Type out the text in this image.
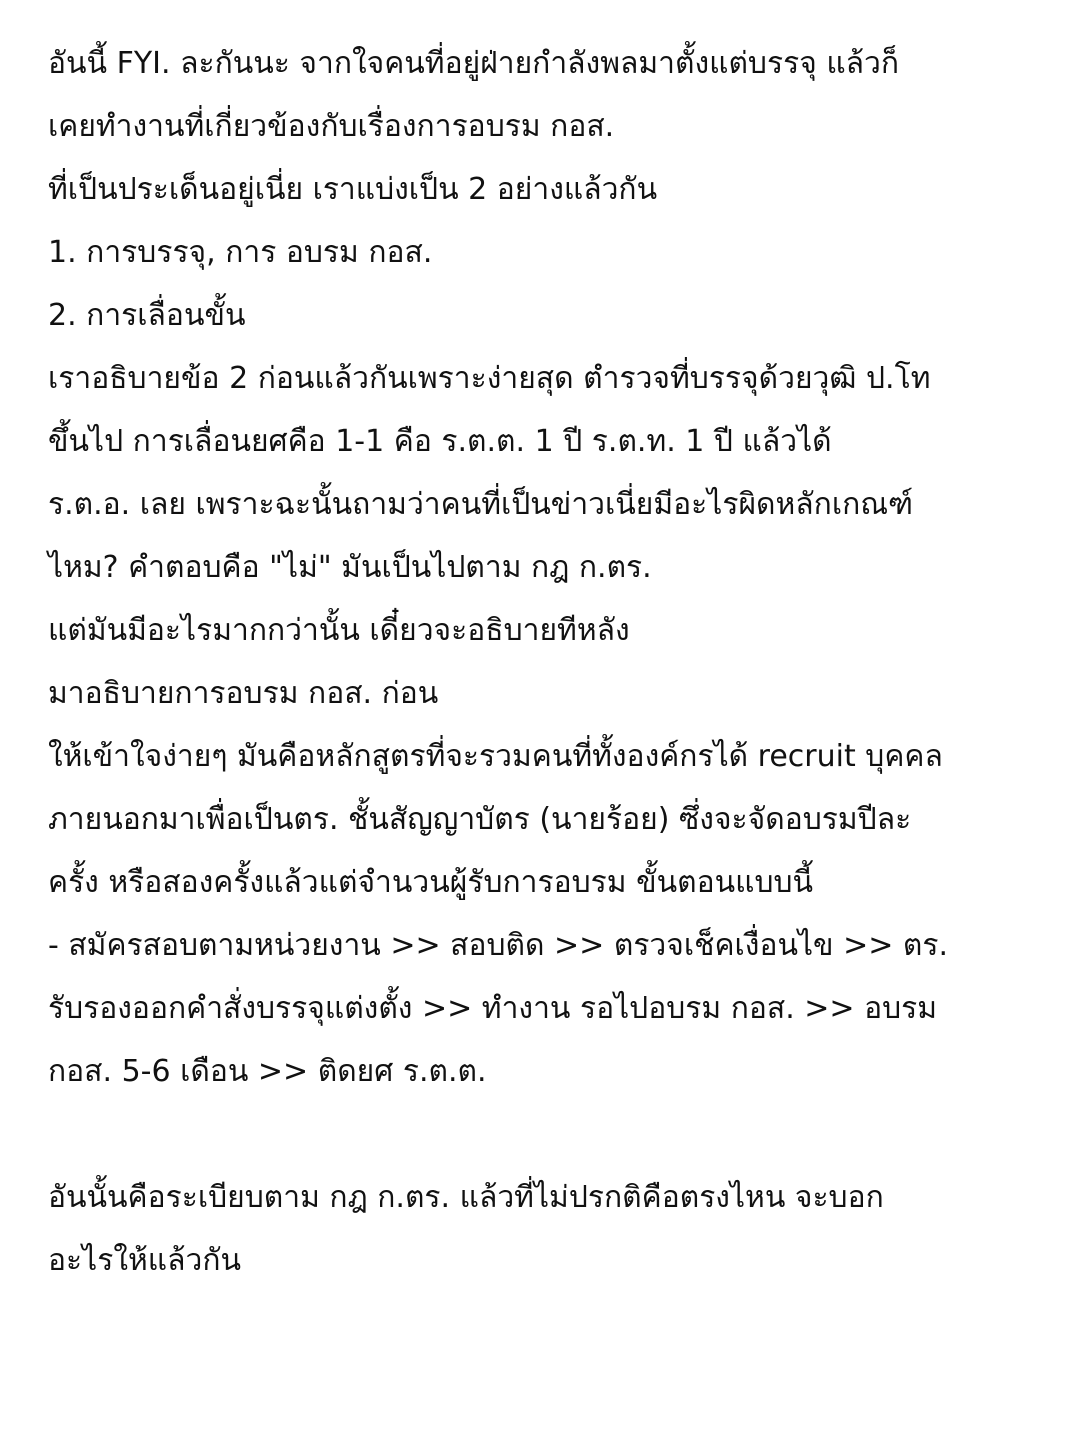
อันนี้ FYI. ละกันนะ จากใจคนที่อยู่ฝ่ายกำลังพลมาตั้งแต่บรรจุ แล้วก็
เคยทำงานที่เกี่ยวข้องกับเรื่องการอบรม กอส.
ที่เป็นประเด็นอยู่เนี่ย เราแบ่งเป็น 2 อย่างแล้วกัน
1. การบรรจุ, การ อบรม กอส.
2. การเลื่อนขั้น
เราอธิบายข้อ 2 ก่อนแล้วกันเพราะง่ายสุด ตำรวจที่บรรจุด้วยวุฒิ ป.โท
ขึ้นไป การเลื่อนยศคือ 1-1 คือ ร.ต.ต. 1 ปี ร.ต.ท. 1 ปี แล้วได้
ร.ต.อ. เลย เพราะฉะนั้นถามว่าคนที่เป็นข่าวเนี่ยมีอะไรผิดหลักเกณฑ์
ไหม? คำตอบคือ "ไม่" มันเป็นไปตาม กฎ ก.ตร.
แต่มันมีอะไรมากกว่านั้น เดี๋ยวจะอธิบายทีหลัง
มาอธิบายการอบรม กอส. ก่อน
ให้เข้าใจง่ายๆ มันคือหลักสูตรที่จะรวมคนที่ทั้งองค์กรได้ recruit บุคคล
ภายนอกมาเพื่อเป็นตร. ชั้นสัญญาบัตร (นายร้อย) ซึ่งจะจัดอบรมปีละ
ครั้ง หรือสองครั้งแล้วแต่จำนวนผู้รับการอบรม ขั้นตอนแบบนี้
- สมัครสอบตามหน่วยงาน >> สอบติด >> ตรวจเช็คเงื่อนไข >> ตร.
รับรองออกคำสั่งบรรจุแต่งตั้ง >> ทำงาน รอไปอบรม กอส. >> อบรม
กอส. 5-6 เดือน >> ติดยศ ร.ต.ต.
อันนั้นคือระเบียบตาม กฎ ก.ตร. แล้วที่ไม่ปรกติคือตรงไหน จะบอก
อะไรให้แล้วกัน
